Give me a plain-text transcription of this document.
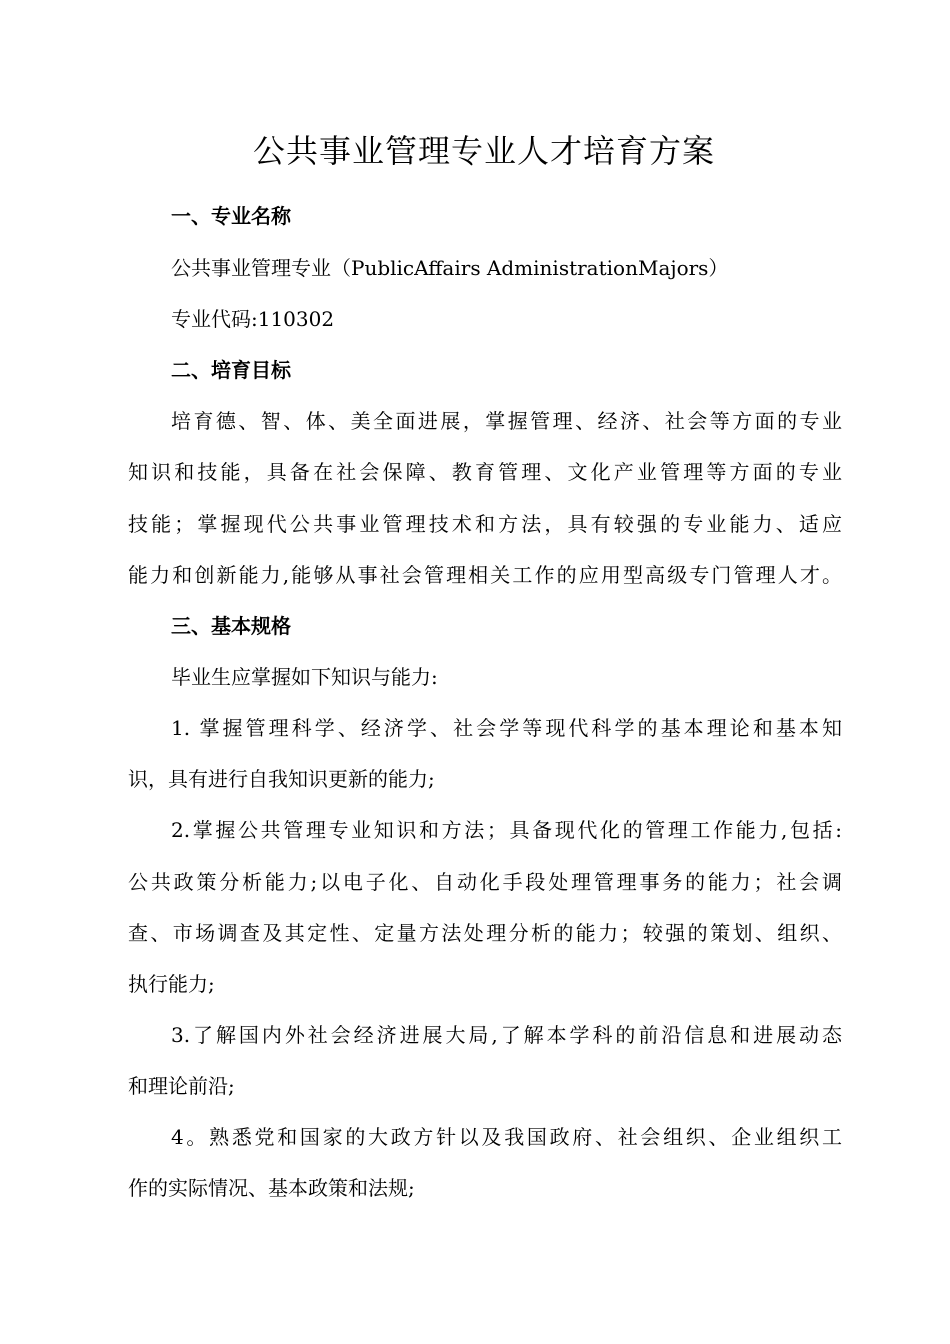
公共事业管理专业人才培育方案
一、专业名称
公共事业管理专业（PublicAffairs AdministrationMajors）
专业代码:110302
二、培育目标
培育德、智、体、美全面进展，掌握管理、经济、社会等方面的专业
知识和技能，具备在社会保障、教育管理、文化产业管理等方面的专业
技能；掌握现代公共事业管理技术和方法，具有较强的专业能力、适应
能力和创新能力,能够从事社会管理相关工作的应用型高级专门管理人才。
三、基本规格
毕业生应掌握如下知识与能力:
1. 掌握管理科学、经济学、社会学等现代科学的基本理论和基本知
识，具有进行自我知识更新的能力;
2.掌握公共管理专业知识和方法；具备现代化的管理工作能力,包括:
公共政策分析能力;以电子化、自动化手段处理管理事务的能力；社会调
查、市场调查及其定性、定量方法处理分析的能力；较强的策划、组织、
执行能力;
3.了解国内外社会经济进展大局,了解本学科的前沿信息和进展动态
和理论前沿;
4。熟悉党和国家的大政方针以及我国政府、社会组织、企业组织工
作的实际情况、基本政策和法规;
